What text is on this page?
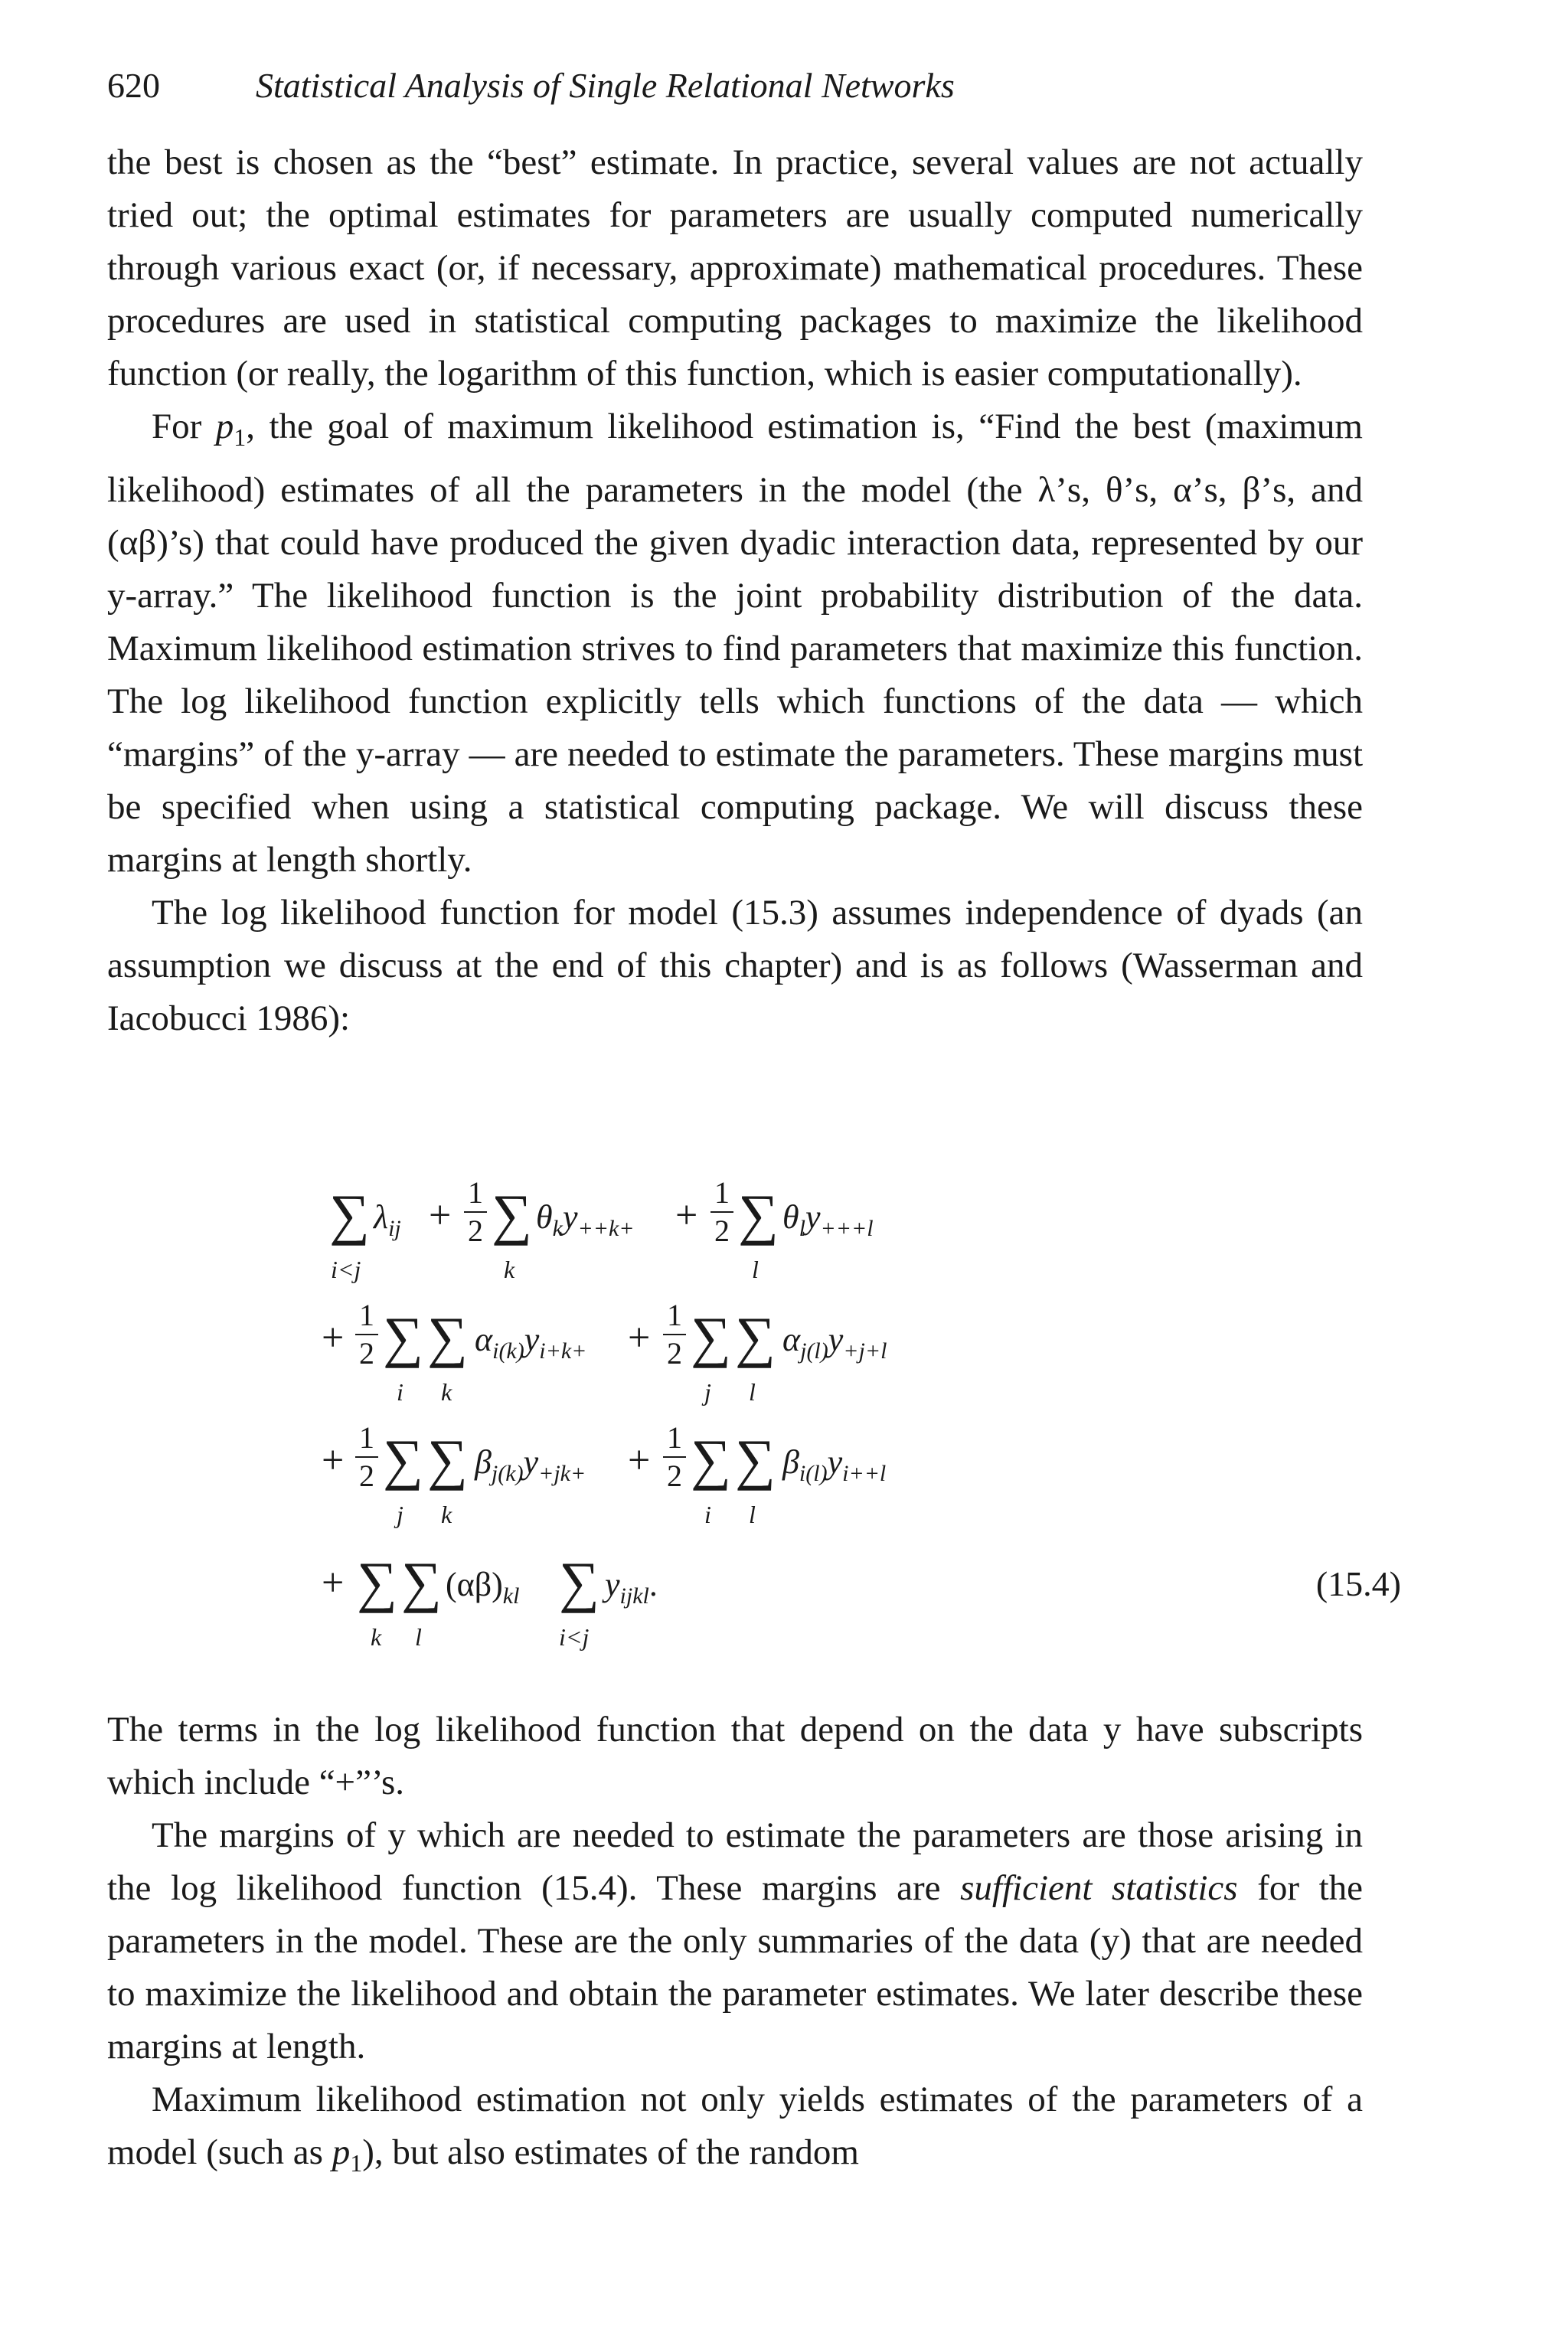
620	Statistical Analysis of Single Relational Networks

the best is chosen as the “best” estimate. In practice, several values are not actually tried out; the optimal estimates for parameters are usually computed numerically through various exact (or, if necessary, approximate) mathematical procedures. These procedures are used in statistical computing packages to maximize the likelihood function (or really, the logarithm of this function, which is easier computationally).

For $p_1$, the goal of maximum likelihood estimation is, “Find the best (maximum likelihood) estimates of all the parameters in the model (the λ’s, θ’s, α’s, β’s, and (αβ)’s) that could have produced the given dyadic interaction data, represented by our y-array.” The likelihood function is the joint probability distribution of the data. Maximum likelihood estimation strives to find parameters that maximize this function. The log likelihood function explicitly tells which functions of the data — which “margins” of the y-array — are needed to estimate the parameters. These margins must be specified when using a statistical computing package. We will discuss these margins at length shortly.

The log likelihood function for model (15.3) assumes independence of dyads (an assumption we discuss at the end of this chapter) and is as follows (Wasserman and Iacobucci 1986):

∑
i<j
$\lambda_{ij}$ +
1
2 ∑
k
$\theta_ky_{++k+}$ +
1
2 ∑
l
$\theta_ly_{+++l}$
+
1
2 ∑
i
∑
k
$\alpha_{i(k)}y_{i+k+}$ +
1
2 ∑
j
∑
l
$\alpha_{j(l)}y_{+j+l}$
+
1
2 ∑
j
∑
k
$\beta_{j(k)}y_{+jk+}$ +
1
2 ∑
i
∑
l
$\beta_{i(l)}y_{i++l}$
+ ∑
k
∑
l
$(\alpha\beta)_{kl}$ ∑
i<j
$y_{ijkl}$.	(15.4)

The terms in the log likelihood function that depend on the data y have subscripts which include “+”’s.

The margins of y which are needed to estimate the parameters are those arising in the log likelihood function (15.4). These margins are sufficient statistics for the parameters in the model. These are the only summaries of the data (y) that are needed to maximize the likelihood and obtain the parameter estimates. We later describe these margins at length.

Maximum likelihood estimation not only yields estimates of the parameters of a model (such as $p_1$), but also estimates of the random
